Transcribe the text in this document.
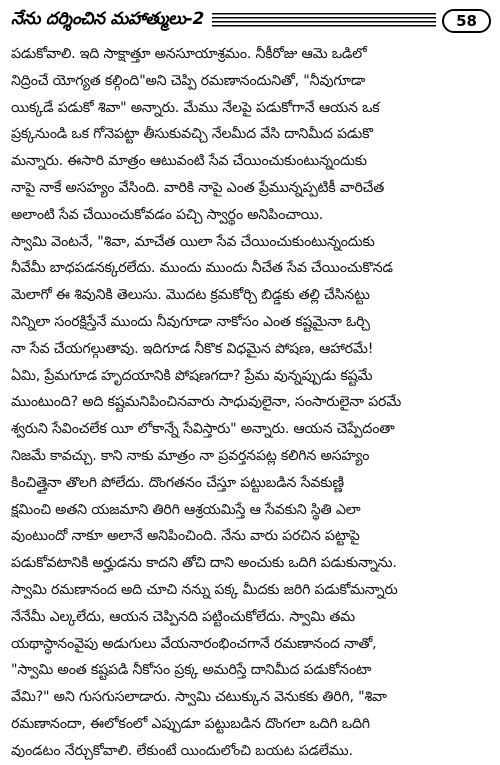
నేను దర్శించిన మహాత్ములు-2	58
పడుకోవాలి. ఇది సాక్షాత్తూ అనసూయాశ్రమం. నీకీరోజు ఆమె ఒడిలో
నిద్రించే యోగ్యత కల్గింది"అని చెప్పి రమణానందునితో, "నీవుగూడా
యిక్కడే పడుకో శివా" అన్నారు. మేము నేలపై పడుకోగానే ఆయన ఒక
ప్రక్కనుండి ఒక గోనెపట్టా తీసుకువచ్చి నేలమీద వేసి దానిమీద పడుకొ
మన్నారు. ఈసారి మాత్రం ఆటువంటి సేవ చేయించుకుంటున్నందుకు
నాపై నాకే అసహ్యం వేసింది. వారికి నాపై ఎంత ప్రేమున్నప్పటికీ వారిచేత
అలాంటి సేవ చేయించుకోవడం పచ్చి స్వార్థం అనిపించాయి.
స్వామి వెంటనే, "శివా, మాచేత యిలా సేవ చేయించుకుంటున్నందుకు
నీవేమీ బాధపడనక్కరలేదు. ముందు ముందు నీచేత సేవ చేయించుకొనడ
మెలాగో ఈ శివునికి తెలుసు. మొదట క్రమకోర్చి బిడ్డకు తల్లి చేసినట్టు
నిన్నిలా సంరక్షిస్తేనే ముందు నీవుగూడా నాకోసం ఎంత కష్టమైనా ఓర్చి
నా సేవ చేయగల్గుతావు. ఇదిగూడ నీకొక విధమైన పోషణ, ఆహారమే!
ఏమి, ప్రేమగూడ హృదయానికి పోషణగదా? ప్రేమ వున్నప్పుడు కష్టమే
ముంటుంది? అది కష్టమనిపించినవారు సాధువులైనా, సంసారులైనా పరమే
శ్వరుని సేవించలేక యీ లోకాన్నే సేవిస్తారు" అన్నారు. ఆయన చెప్పేదంతా
నిజమే కావచ్చు. కాని నాకు మాత్రం నా ప్రవర్తనపట్ల కలిగిన అసహ్యం
కించిత్తైనా తొలగి పోలేదు. దొంగతనం చేస్తూ పట్టుబడిన సేవకుణ్ణి
క్షమించి అతని యజమాని తిరిగి ఆశ్రయమిస్తే ఆ సేవకుని స్థితి ఎలా
వుంటుందో నాకూ అలానే అనిపించింది. నేను వారు పరచిన పట్టాపై
పడుకోవటానికి అర్హుడను కాదని తోచి దాని అంచుకు ఒదిగి పడుకున్నాను.
స్వామి రమణానంద అది చూచి నన్ను పక్క మీదకు జరిగి పడుకోమన్నారు
నేనేమీ ఎల్కలేదు, ఆయన చెప్పినది పట్టించుకోలేదు. స్వామి తమ
యథాస్థానంవైపు అడుగులు వేయనారంభించగానే రమణానంద నాతో,
"స్వామి అంత కష్టపడి నీకోసం ప్రక్క అమరిస్తే దానిమీద పడుకోనంటా
వేమి?" అని గుసగుసలాడారు. స్వామి చటుక్కున వెనుకకు తిరిగి, "శివా
రమణానందా, ఈలోకంలో ఎప్పుడూ పట్టుబడిన దొంగలా ఒదిగి ఒదిగి
వుండటం నేర్చుకోవాలి. లేకుంటే యిందులోంచి బయట పడలేము.
